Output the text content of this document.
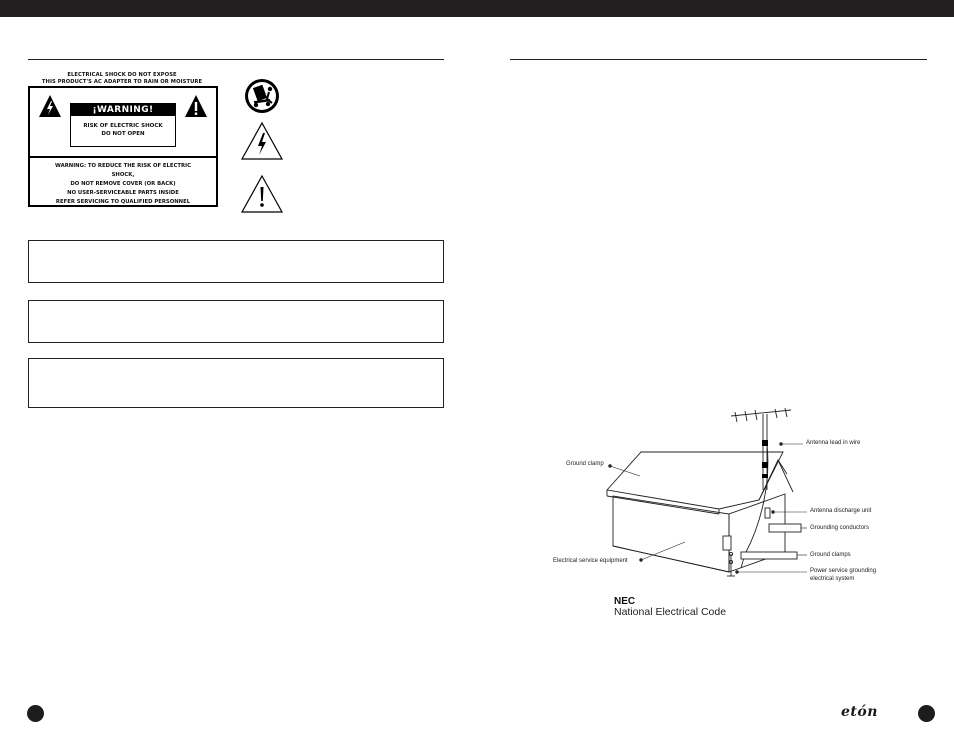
ELECTRICAL SHOCK DO NOT EXPOSE
THIS PRODUCT'S AC ADAPTER TO RAIN OR MOISTURE
¡WARNING!
RISK OF ELECTRIC SHOCK
DO NOT OPEN
WARNING: TO REDUCE THE RISK OF ELECTRIC
SHOCK,
DO NOT REMOVE COVER (OR BACK)
NO USER-SERVICEABLE PARTS INSIDE
REFER SERVICING TO QUALIFIED PERSONNEL
Antenna lead in wire
Ground clamp
Antenna discharge unit
Grounding conductors
Ground clamps
Electrical service equipment
Power service grounding
electrical system
NEC
National Electrical Code
etón
